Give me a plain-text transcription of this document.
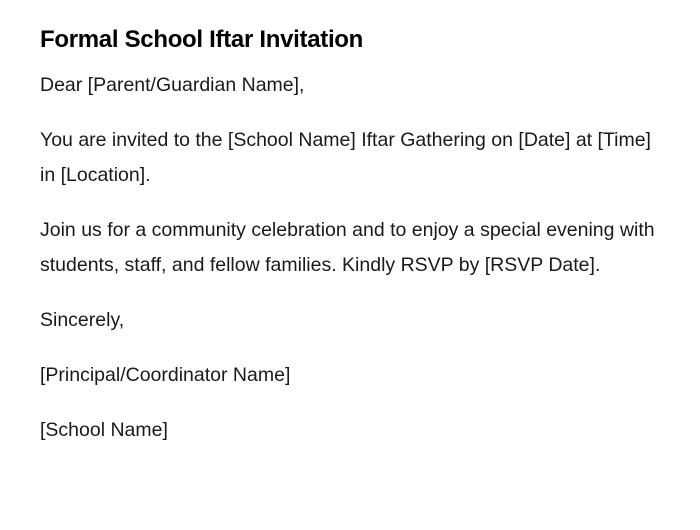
Formal School Iftar Invitation

Dear [Parent/Guardian Name],

You are invited to the [School Name] Iftar Gathering on [Date] at [Time] in [Location].

Join us for a community celebration and to enjoy a special evening with students, staff, and fellow families. Kindly RSVP by [RSVP Date].

Sincerely,

[Principal/Coordinator Name]

[School Name]
